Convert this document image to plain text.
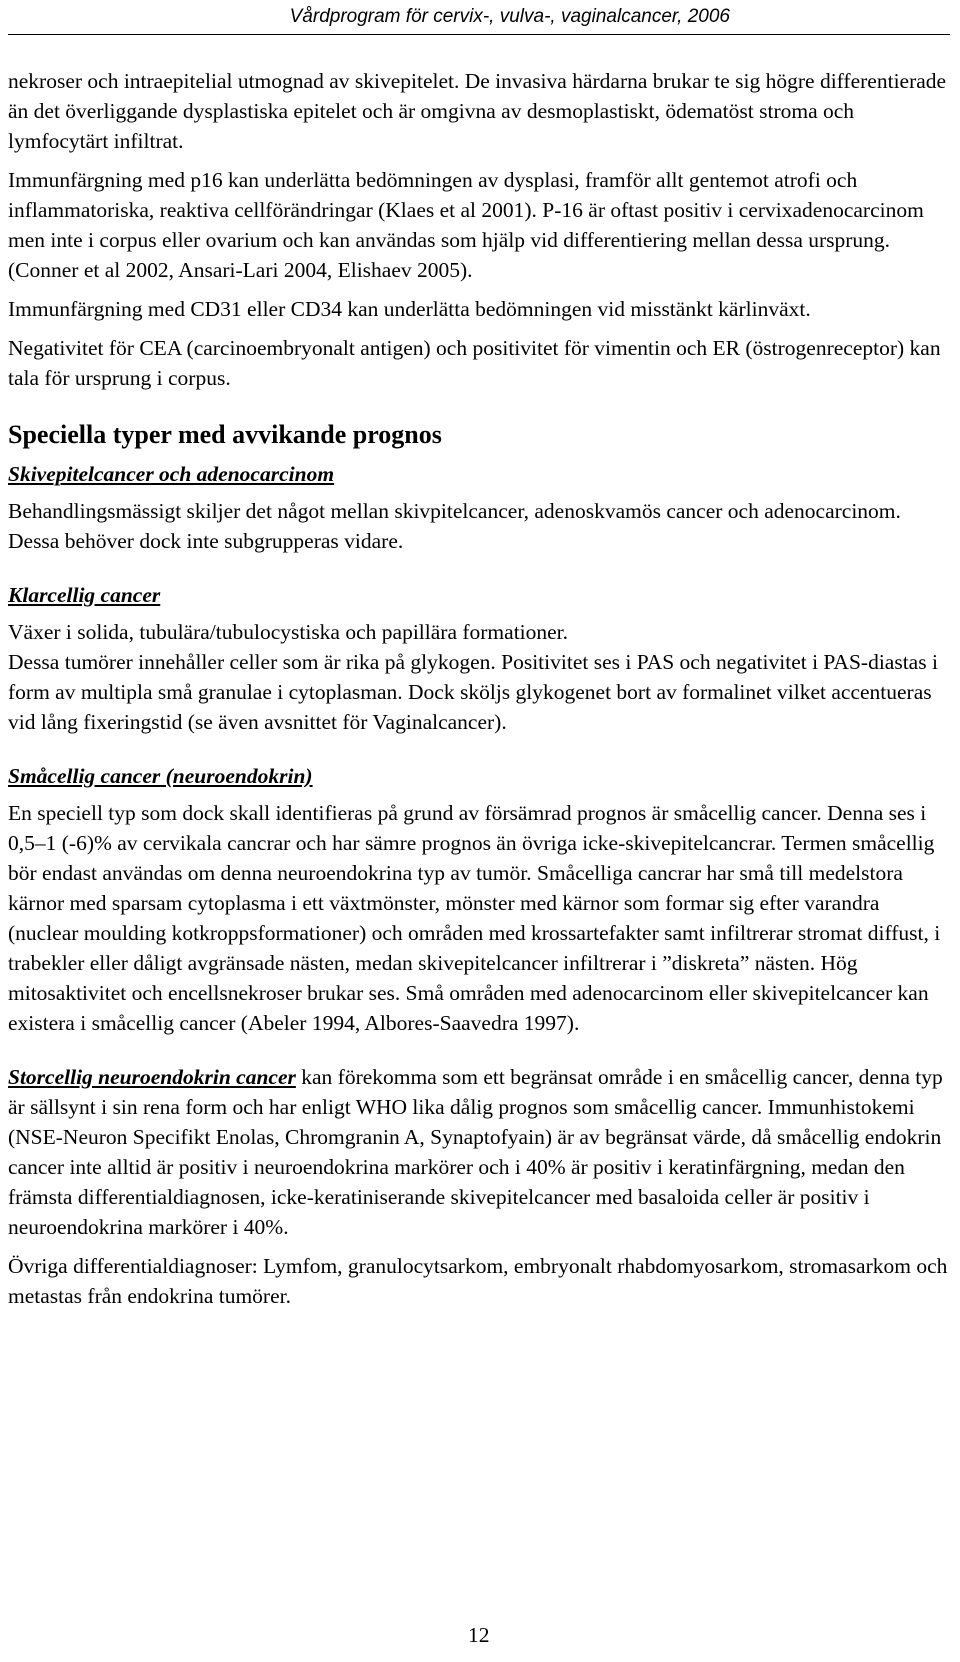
Vårdprogram för cervix-, vulva-, vaginalcancer, 2006

nekroser och intraepitelial utmognad av skivepitelet. De invasiva härdarna brukar te sig högre differentierade än det överliggande dysplastiska epitelet och är omgivna av desmoplastiskt, ödematöst stroma och lymfocytärt infiltrat.

Immunfärgning med p16 kan underlätta bedömningen av dysplasi, framför allt gentemot atrofi och inflammatoriska, reaktiva cellförändringar (Klaes et al 2001). P-16 är oftast positiv i cervixadenocarcinom men inte i corpus eller ovarium och kan användas som hjälp vid differentiering mellan dessa ursprung. (Conner et al 2002, Ansari-Lari 2004, Elishaev 2005).

Immunfärgning med CD31 eller CD34 kan underlätta bedömningen vid misstänkt kärlinväxt.

Negativitet för CEA (carcinoembryonalt antigen) och positivitet för vimentin och ER (östrogenreceptor) kan tala för ursprung i corpus.

Speciella typer med avvikande prognos
Skivepitelcancer och adenocarcinom

Behandlingsmässigt skiljer det något mellan skivpitelcancer, adenoskvamös cancer och adenocarcinom. Dessa behöver dock inte subgrupperas vidare.

Klarcellig cancer

Växer i solida, tubulära/tubulocystiska och papillära formationer.

Dessa tumörer innehåller celler som är rika på glykogen. Positivitet ses i PAS och negativitet i PAS-diastas i form av multipla små granulae i cytoplasman. Dock sköljs glykogenet bort av formalinet vilket accentueras vid lång fixeringstid (se även avsnittet för Vaginalcancer).

Småcellig cancer (neuroendokrin)

En speciell typ som dock skall identifieras på grund av försämrad prognos är småcellig cancer. Denna ses i 0,5–1 (-6)% av cervikala cancrar och har sämre prognos än övriga icke-skivepitelcancrar. Termen småcellig bör endast användas om denna neuroendokrina typ av tumör. Småcelliga cancrar har små till medelstora kärnor med sparsam cytoplasma i ett växtmönster, mönster med kärnor som formar sig efter varandra (nuclear moulding kotkroppsformationer) och områden med krossartefakter samt infiltrerar stromat diffust, i trabekler eller dåligt avgränsade nästen, medan skivepitelcancer infiltrerar i ”diskreta” nästen. Hög mitosaktivitet och encellsnekroser brukar ses. Små områden med adenocarcinom eller skivepitelcancer kan existera i småcellig cancer (Abeler 1994, Albores-Saavedra 1997).

Storcellig neuroendokrin cancer kan förekomma som ett begränsat område i en småcellig cancer, denna typ är sällsynt i sin rena form och har enligt WHO lika dålig prognos som småcellig cancer. Immunhistokemi (NSE-Neuron Specifikt Enolas, Chromgranin A, Synaptofyain) är av begränsat värde, då småcellig endokrin cancer inte alltid är positiv i neuroendokrina markörer och i 40% är positiv i keratinfärgning, medan den främsta differentialdiagnosen, icke-keratiniserande skivepitelcancer med basaloida celler är positiv i neuroendokrina markörer i 40%.

Övriga differentialdiagnoser: Lymfom, granulocytsarkom, embryonalt rhabdomyosarkom, stromasarkom och metastas från endokrina tumörer.

12
